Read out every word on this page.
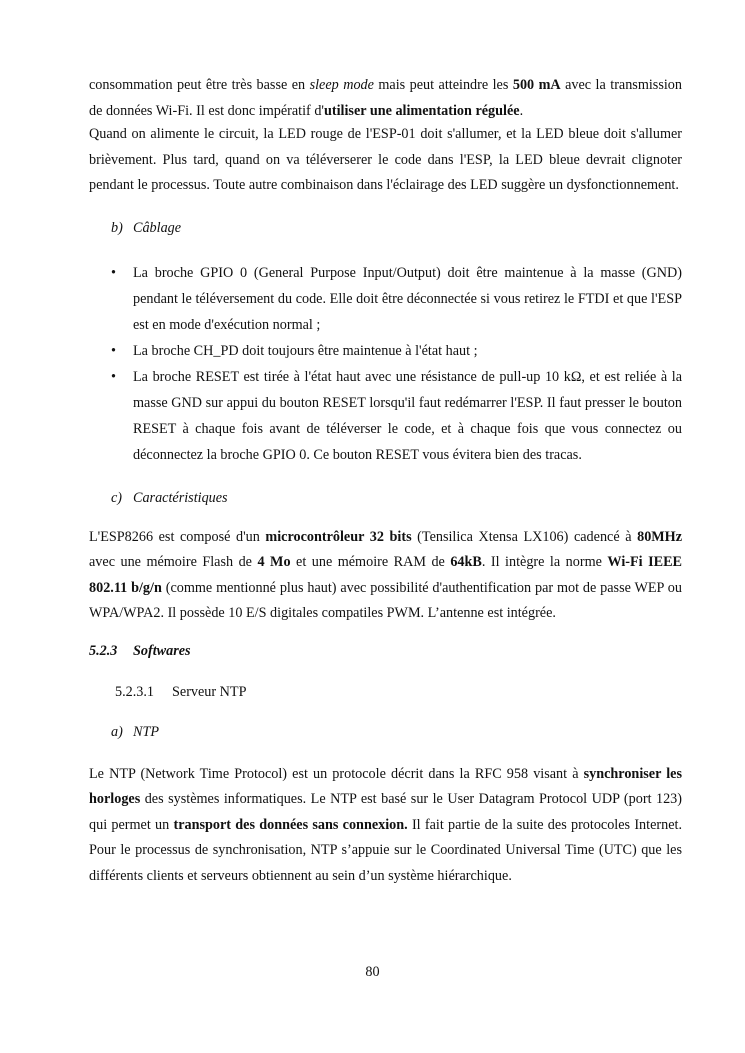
consommation peut être très basse en sleep mode mais peut atteindre les 500 mA avec la transmission de données Wi-Fi. Il est donc impératif d'utiliser une alimentation régulée.

Quand on alimente le circuit, la LED rouge de l'ESP-01 doit s'allumer, et la LED bleue doit s'allumer brièvement. Plus tard, quand on va téléverserer le code dans l'ESP, la LED bleue devrait clignoter pendant le processus. Toute autre combinaison dans l'éclairage des LED suggère un dysfonctionnement.

b) Câblage

• La broche GPIO 0 (General Purpose Input/Output) doit être maintenue à la masse (GND) pendant le téléversement du code. Elle doit être déconnectée si vous retirez le FTDI et que l'ESP est en mode d'exécution normal ;
• La broche CH_PD doit toujours être maintenue à l'état haut ;
• La broche RESET est tirée à l'état haut avec une résistance de pull-up 10 kΩ, et est reliée à la masse GND sur appui du bouton RESET lorsqu'il faut redémarrer l'ESP. Il faut presser le bouton RESET à chaque fois avant de téléverser le code, et à chaque fois que vous connectez ou déconnectez la broche GPIO 0. Ce bouton RESET vous évitera bien des tracas.

c) Caractéristiques

L'ESP8266 est composé d'un microcontrôleur 32 bits (Tensilica Xtensa LX106) cadencé à 80MHz avec une mémoire Flash de 4 Mo et une mémoire RAM de 64kB. Il intègre la norme Wi-Fi IEEE 802.11 b/g/n (comme mentionné plus haut) avec possibilité d'authentification par mot de passe WEP ou WPA/WPA2. Il possède 10 E/S digitales compatiles PWM. L’antenne est intégrée.

5.2.3 Softwares

5.2.3.1 Serveur NTP

a) NTP

Le NTP (Network Time Protocol) est un protocole décrit dans la RFC 958 visant à synchroniser les horloges des systèmes informatiques. Le NTP est basé sur le User Datagram Protocol UDP (port 123) qui permet un transport des données sans connexion. Il fait partie de la suite des protocoles Internet. Pour le processus de synchronisation, NTP s’appuie sur le Coordinated Universal Time (UTC) que les différents clients et serveurs obtiennent au sein d’un système hiérarchique.

80
